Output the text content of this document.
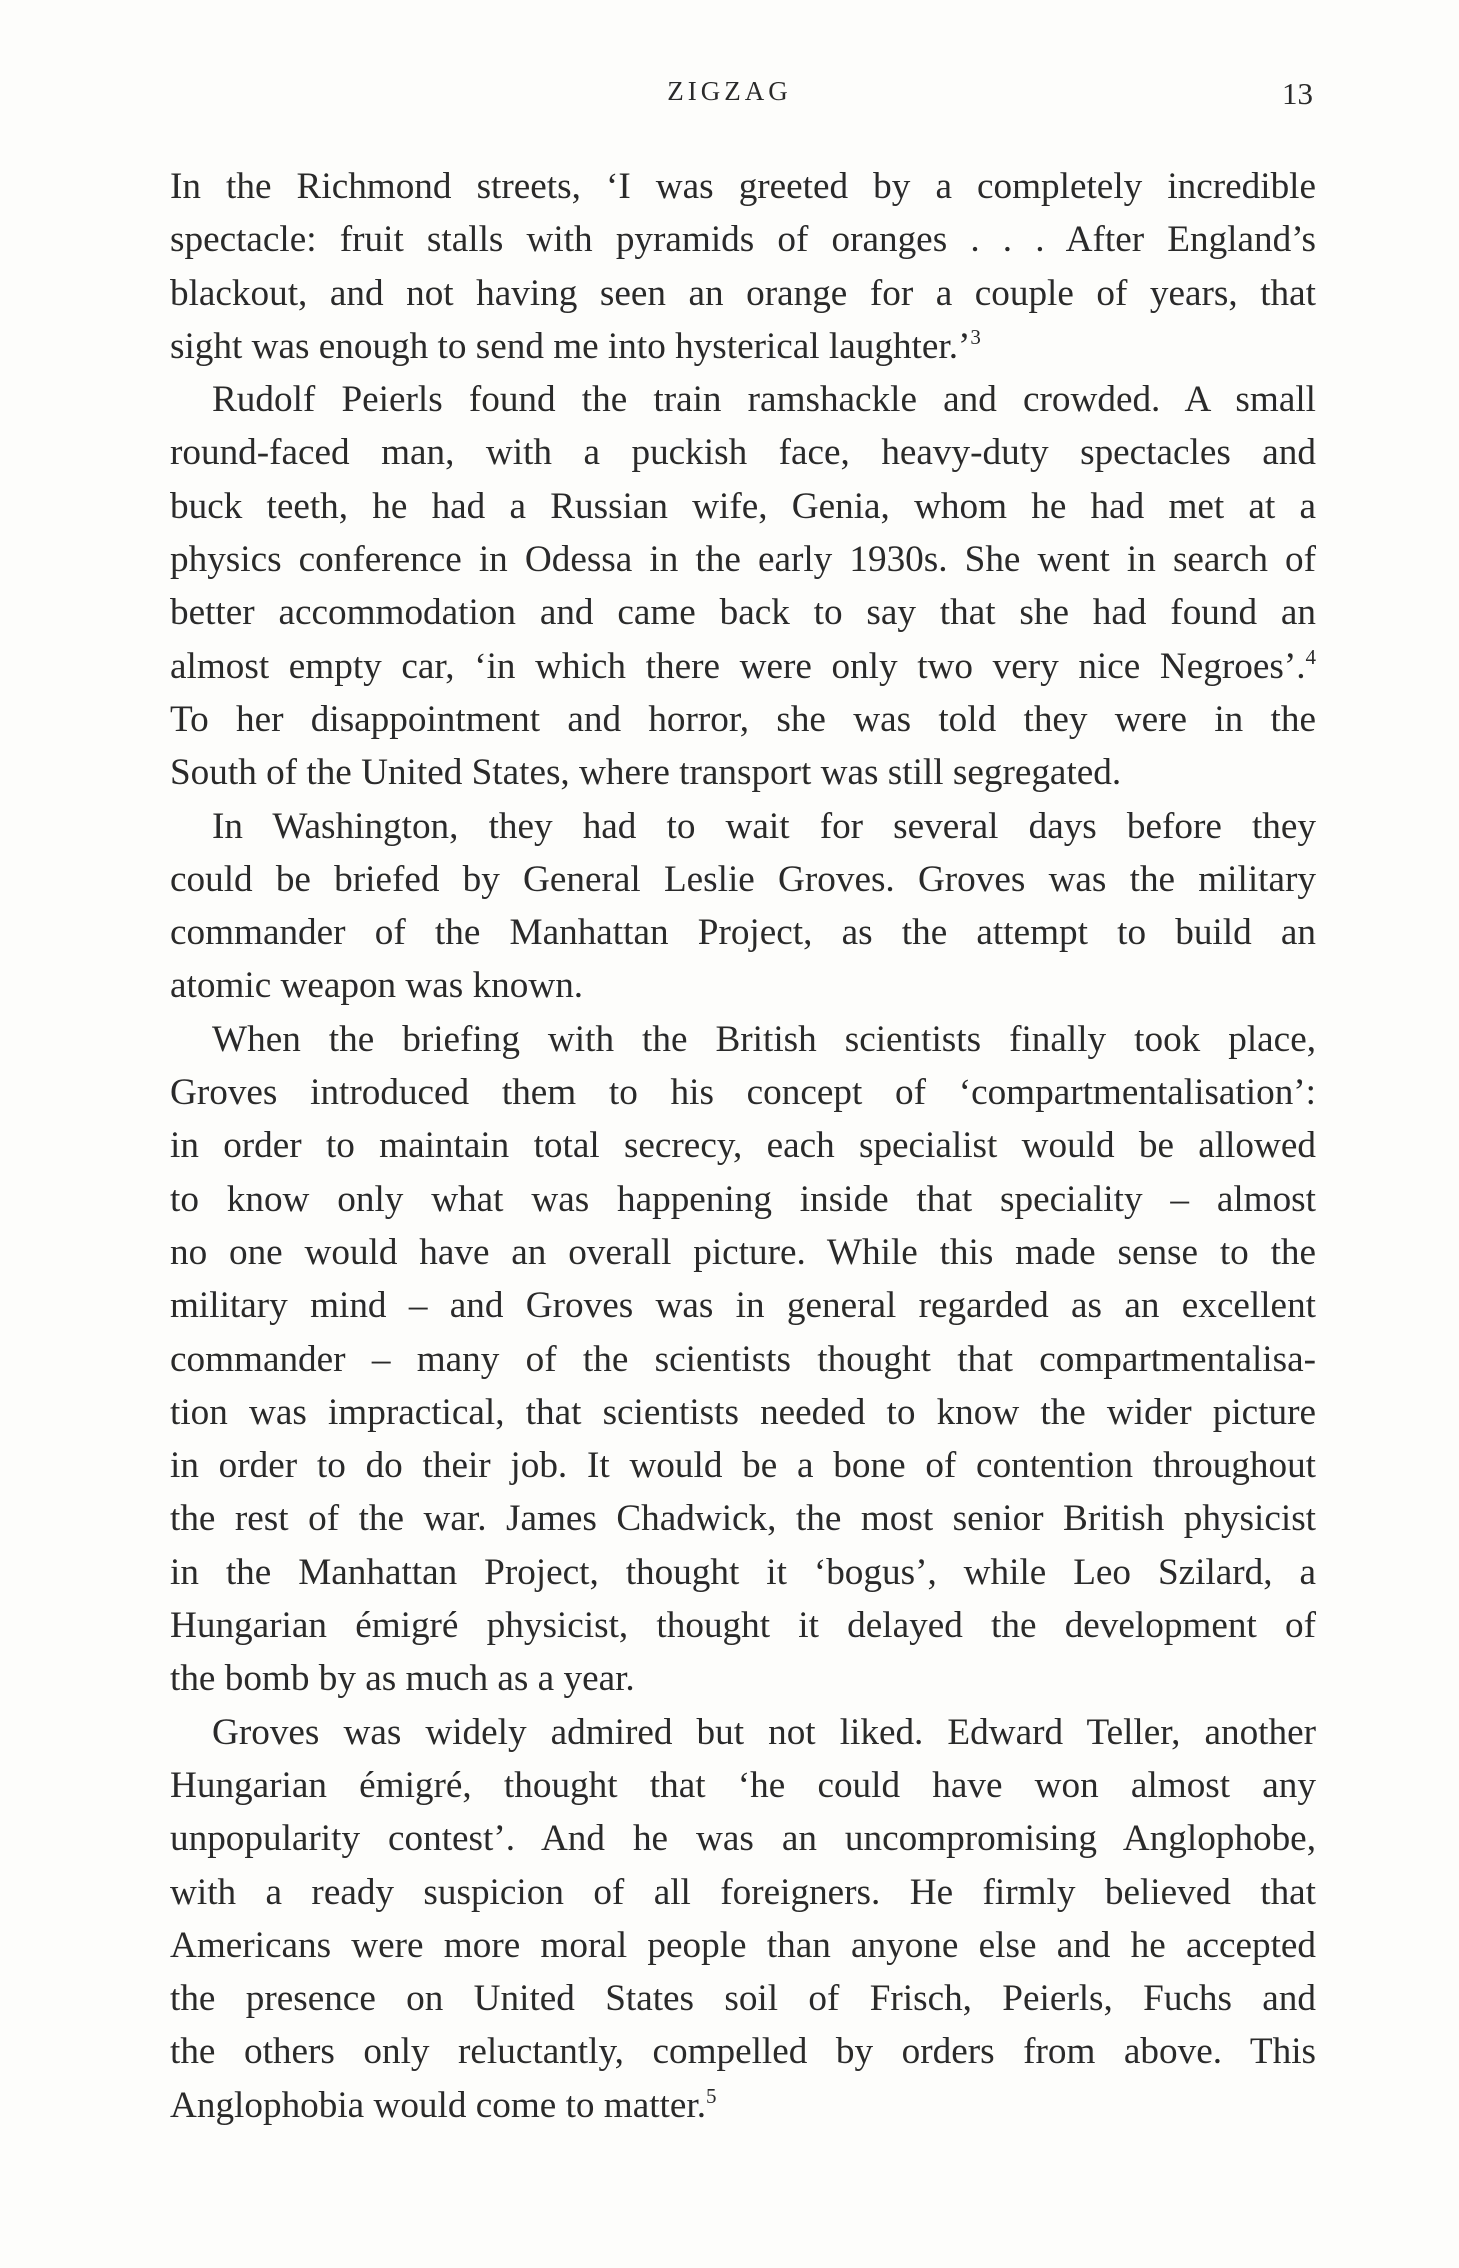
ZIGZAG	13
In the Richmond streets, ‘I was greeted by a completely incredible
spectacle: fruit stalls with pyramids of oranges . . . After England’s
blackout, and not having seen an orange for a couple of years, that
sight was enough to send me into hysterical laughter.’$^3$
Rudolf Peierls found the train ramshackle and crowded. A small
round-faced man, with a puckish face, heavy-duty spectacles and
buck teeth, he had a Russian wife, Genia, whom he had met at a
physics conference in Odessa in the early 1930s. She went in search of
better accommodation and came back to say that she had found an
almost empty car, ‘in which there were only two very nice Negroes’.$^4$
To her disappointment and horror, she was told they were in the
South of the United States, where transport was still segregated.
In Washington, they had to wait for several days before they
could be briefed by General Leslie Groves. Groves was the military
commander of the Manhattan Project, as the attempt to build an
atomic weapon was known.
When the briefing with the British scientists finally took place,
Groves introduced them to his concept of ‘compartmentalisation’:
in order to maintain total secrecy, each specialist would be allowed
to know only what was happening inside that speciality – almost
no one would have an overall picture. While this made sense to the
military mind – and Groves was in general regarded as an excellent
commander – many of the scientists thought that compartmentalisa-
tion was impractical, that scientists needed to know the wider picture
in order to do their job. It would be a bone of contention throughout
the rest of the war. James Chadwick, the most senior British physicist
in the Manhattan Project, thought it ‘bogus’, while Leo Szilard, a
Hungarian émigré physicist, thought it delayed the development of
the bomb by as much as a year.
Groves was widely admired but not liked. Edward Teller, another
Hungarian émigré, thought that ‘he could have won almost any
unpopularity contest’. And he was an uncompromising Anglophobe,
with a ready suspicion of all foreigners. He firmly believed that
Americans were more moral people than anyone else and he accepted
the presence on United States soil of Frisch, Peierls, Fuchs and
the others only reluctantly, compelled by orders from above. This
Anglophobia would come to matter.$^5$
